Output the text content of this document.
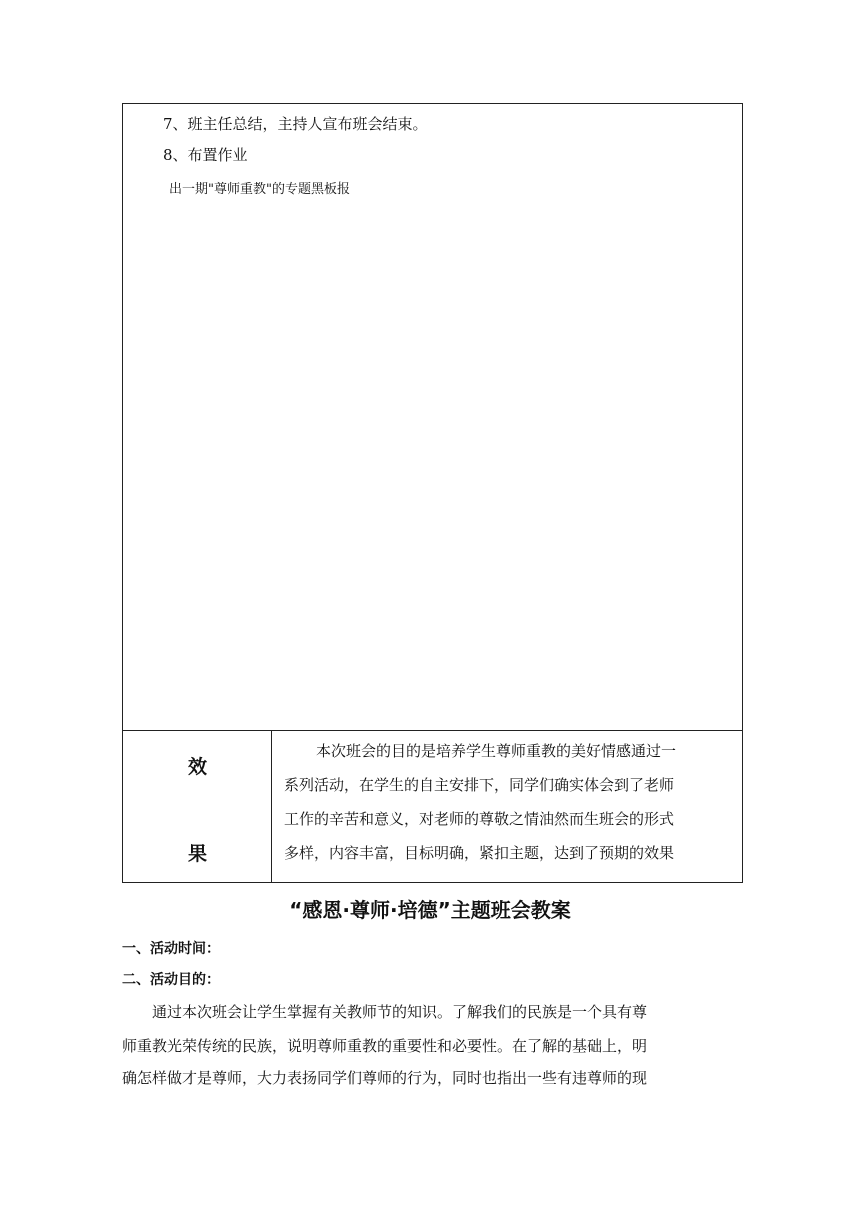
7、班主任总结，主持人宣布班会结束。
8、布置作业
出一期"尊师重教"的专题黑板报
效
果
本次班会的目的是培养学生尊师重教的美好情感通过一
系列活动，在学生的自主安排下，同学们确实体会到了老师
工作的辛苦和意义，对老师的尊敬之情油然而生班会的形式
多样，内容丰富，目标明确，紧扣主题，达到了预期的效果
“感恩·尊师·培德”主题班会教案
一、活动时间：
二、活动目的：
通过本次班会让学生掌握有关教师节的知识。了解我们的民族是一个具有尊
师重教光荣传统的民族，说明尊师重教的重要性和必要性。在了解的基础上，明
确怎样做才是尊师，大力表扬同学们尊师的行为，同时也指出一些有违尊师的现
